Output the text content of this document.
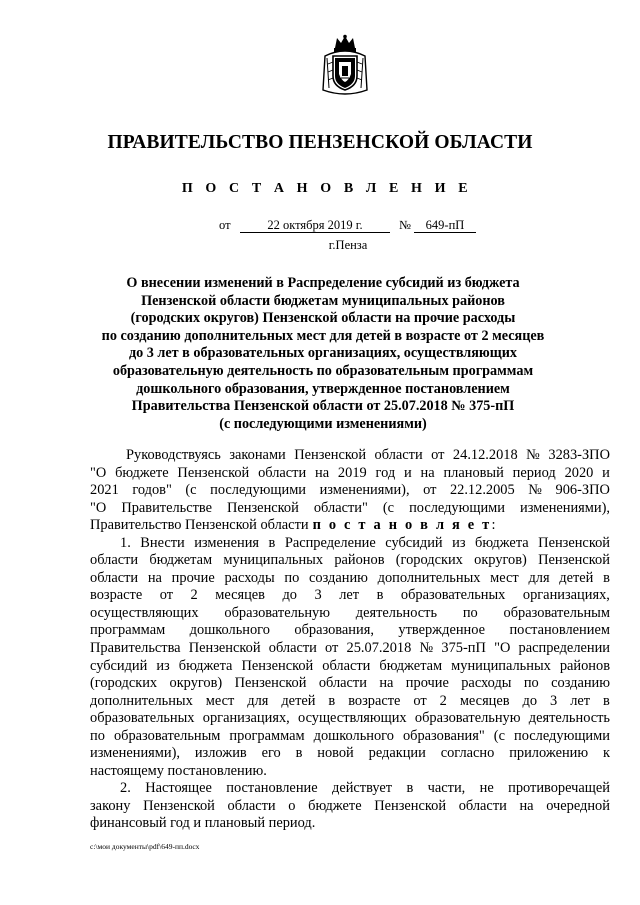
ПРАВИТЕЛЬСТВО ПЕНЗЕНСКОЙ ОБЛАСТИ
П О С Т А Н О В Л Е Н И Е
от	22 октября 2019 г.	№	649-пП
г.Пенза
О внесении изменений в Распределение субсидий из бюджета
Пензенской области бюджетам муниципальных районов
(городских округов) Пензенской области на прочие расходы
по созданию дополнительных мест для детей в возрасте от 2 месяцев
до 3 лет в образовательных организациях, осуществляющих
образовательную деятельность по образовательным программам
дошкольного образования, утвержденное постановлением
Правительства Пензенской области от 25.07.2018 № 375-пП
(с последующими изменениями)
Руководствуясь законами Пензенской области от 24.12.2018 № 3283-ЗПО
"О бюджете Пензенской области на 2019 год и на плановый период 2020 и
2021 годов" (с последующими изменениями), от 22.12.2005 № 906-ЗПО
"О Правительстве Пензенской области" (с последующими изменениями),
Правительство Пензенской области п о с т а н о в л я е т :
1. Внести изменения в Распределение субсидий из бюджета Пензенской
области бюджетам муниципальных районов (городских округов) Пензенской
области на прочие расходы по созданию дополнительных мест для детей в
возрасте от 2 месяцев до 3 лет в образовательных организациях,
осуществляющих образовательную деятельность по образовательным
программам дошкольного образования, утвержденное постановлением
Правительства Пензенской области от 25.07.2018 № 375-пП "О распределении
субсидий из бюджета Пензенской области бюджетам муниципальных районов
(городских округов) Пензенской области на прочие расходы по созданию
дополнительных мест для детей в возрасте от 2 месяцев до 3 лет в
образовательных организациях, осуществляющих образовательную деятельность
по образовательным программам дошкольного образования" (с последующими
изменениями), изложив его в новой редакции согласно приложению к
настоящему постановлению.
2. Настоящее постановление действует в части, не противоречащей
закону Пензенской области о бюджете Пензенской области на очередной
финансовый год и плановый период.
c:\мои документы\pdf\649-пп.docx
